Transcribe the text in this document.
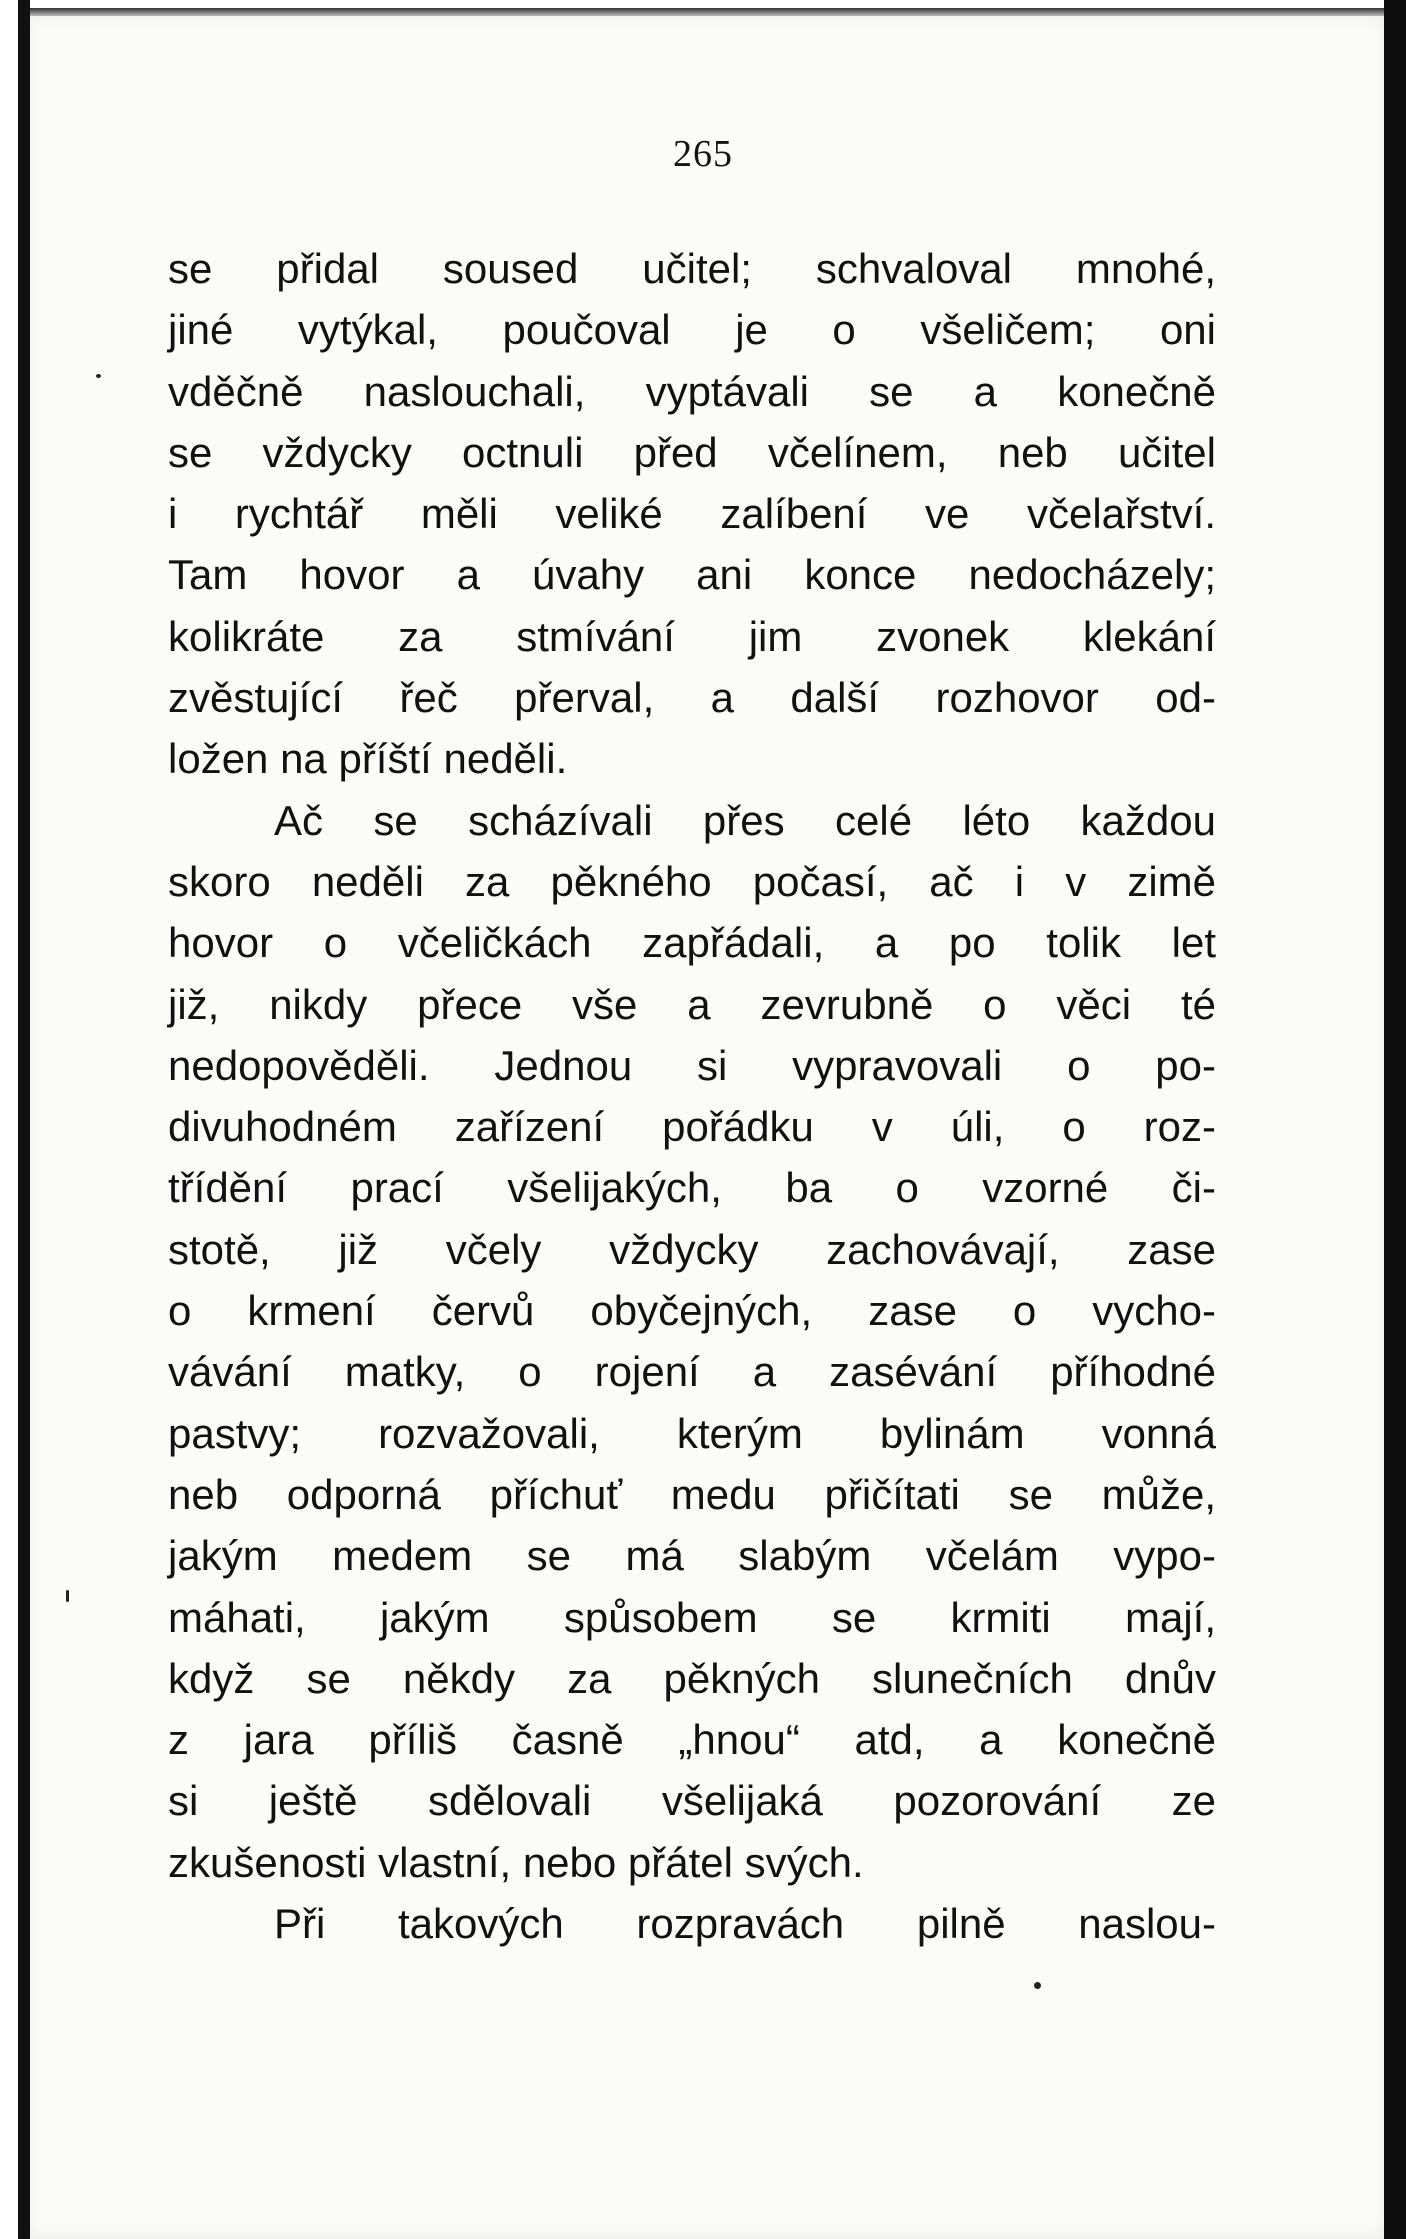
265
se přidal soused učitel; schvaloval mnohé,
jiné vytýkal, poučoval je o všeličem; oni
vděčně naslouchali, vyptávali se a konečně
se vždycky octnuli před včelínem, neb učitel
i rychtář měli veliké zalíbení ve včelařství.
Tam hovor a úvahy ani konce nedocházely;
kolikráte za stmívání jim zvonek klekání
zvěstující řeč přerval, a další rozhovor od-
ložen na příští neděli.
Ač se scházívali přes celé léto každou
skoro neděli za pěkného počasí, ač i v zimě
hovor o včeličkách zapřádali, a po tolik let
již, nikdy přece vše a zevrubně o věci té
nedopověděli. Jednou si vypravovali o po-
divuhodném zařízení pořádku v úli, o roz-
třídění prací všelijakých, ba o vzorné či-
stotě, již včely vždycky zachovávají, zase
o krmení červů obyčejných, zase o vycho-
vávání matky, o rojení a zasévání příhodné
pastvy; rozvažovali, kterým bylinám vonná
neb odporná příchuť medu přičítati se může,
jakým medem se má slabým včelám vypo-
máhati, jakým spůsobem se krmiti mají,
když se někdy za pěkných slunečních dnův
z jara příliš časně „hnou“ atd, a konečně
si ještě sdělovali všelijaká pozorování ze
zkušenosti vlastní, nebo přátel svých.
Při takových rozpravách pilně naslou-
